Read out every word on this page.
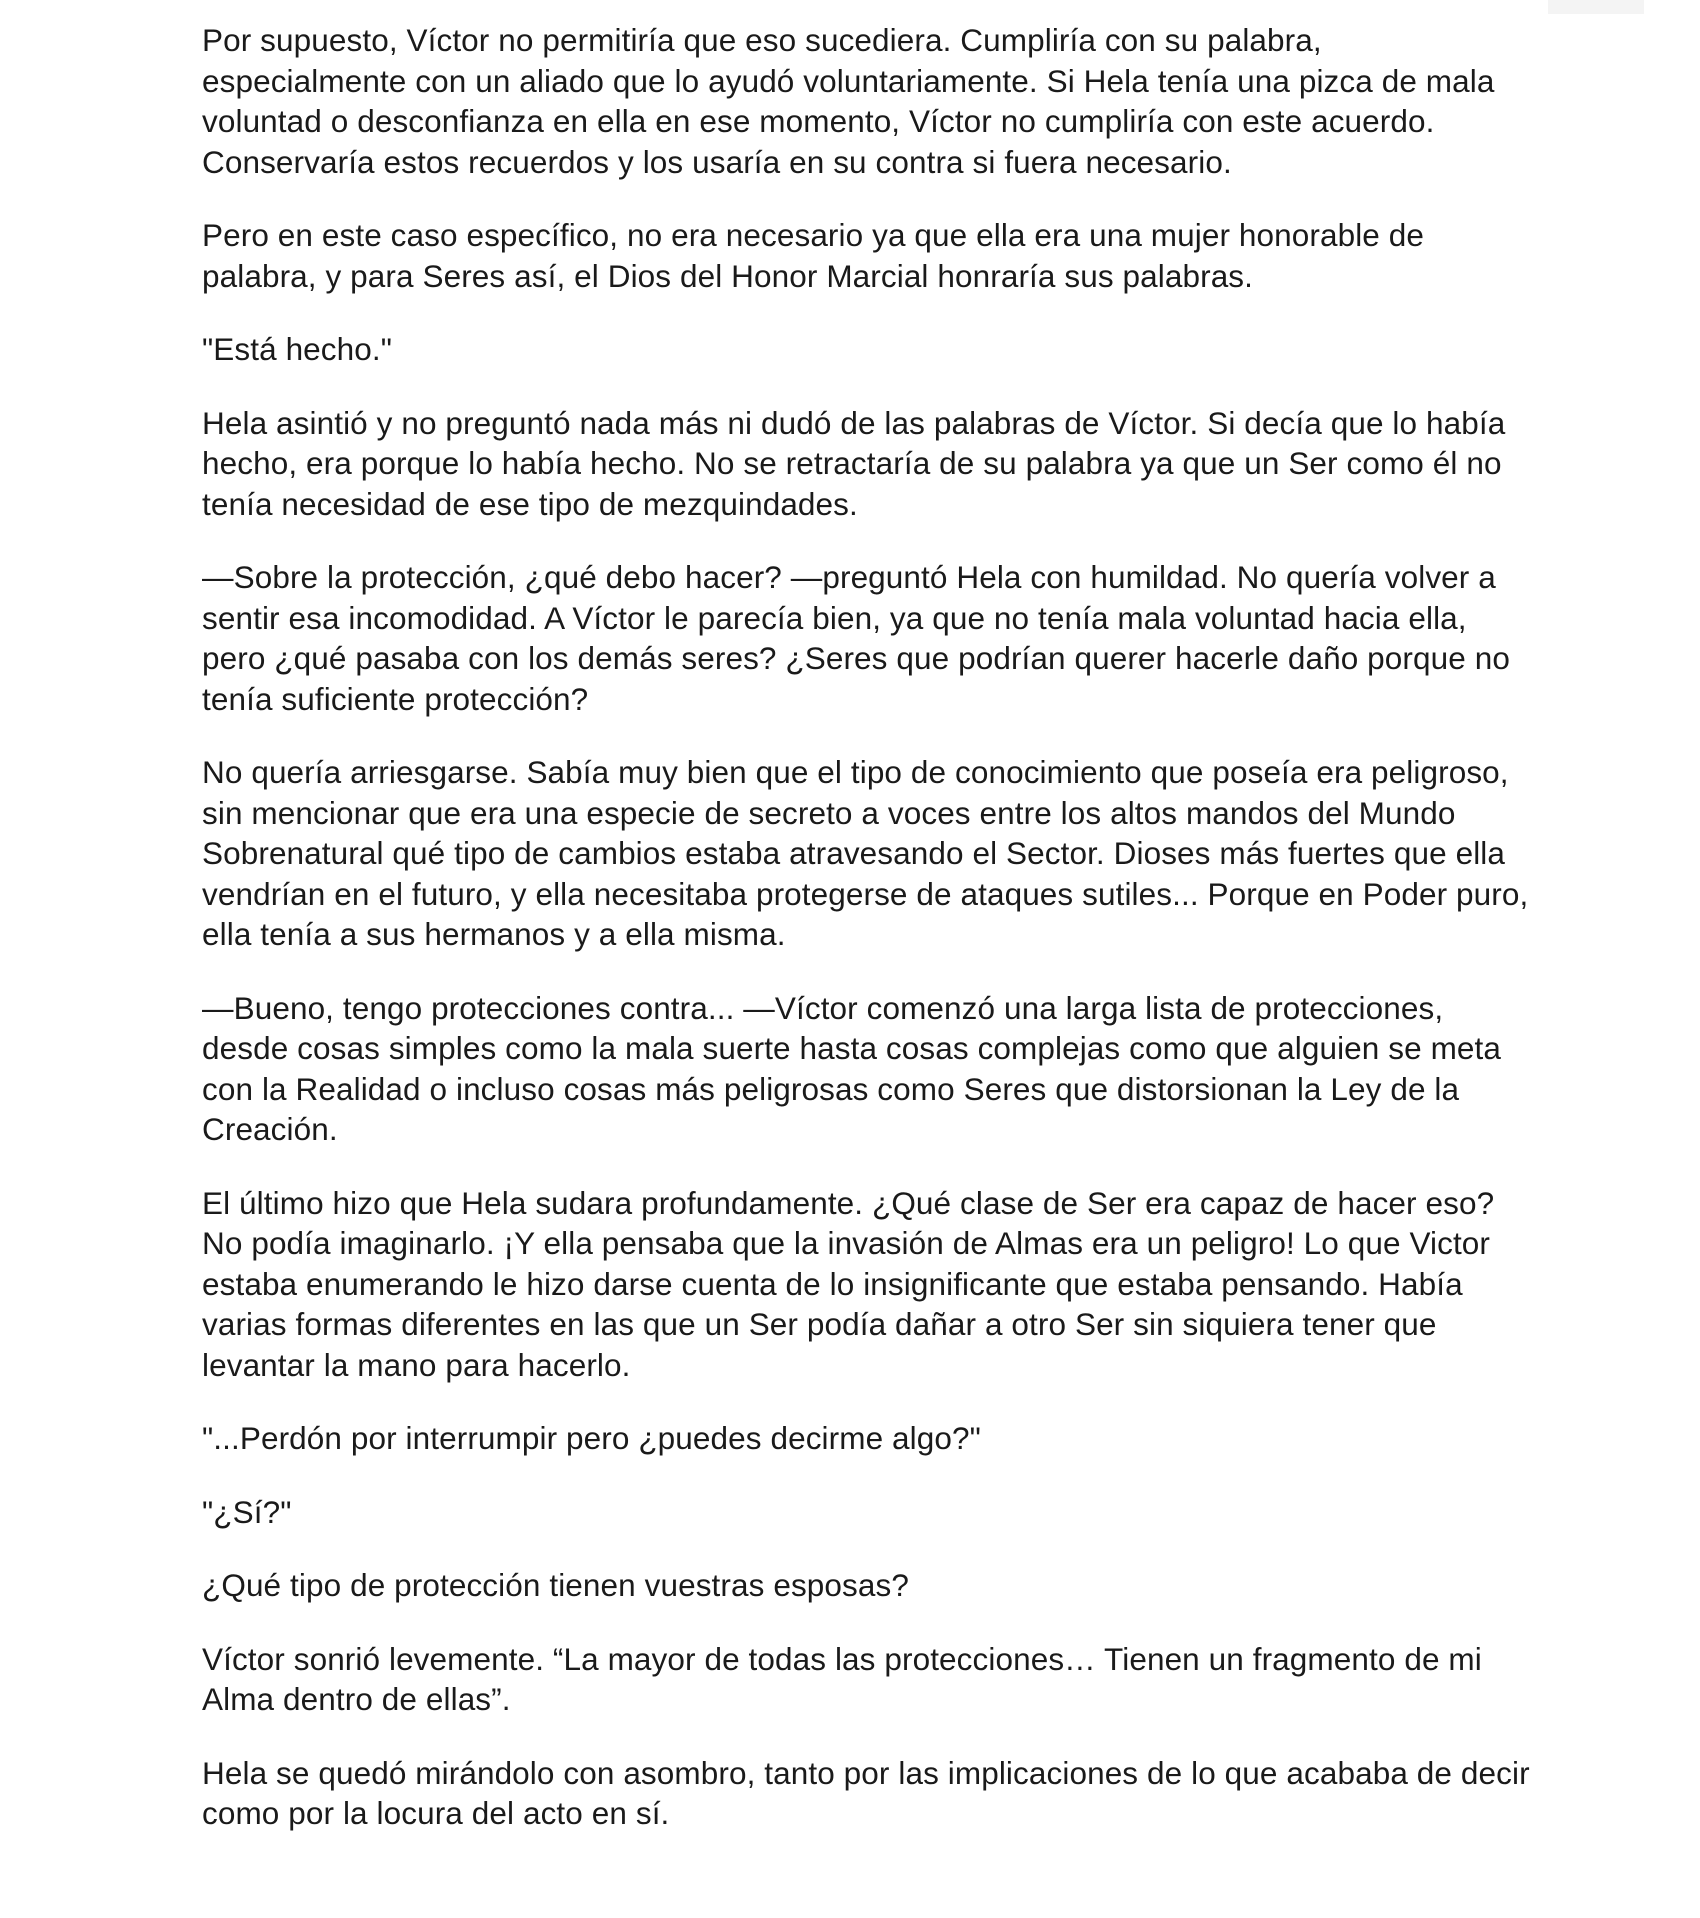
Por supuesto, Víctor no permitiría que eso sucediera. Cumpliría con su palabra, especialmente con un aliado que lo ayudó voluntariamente. Si Hela tenía una pizca de mala voluntad o desconfianza en ella en ese momento, Víctor no cumpliría con este acuerdo. Conservaría estos recuerdos y los usaría en su contra si fuera necesario.

Pero en este caso específico, no era necesario ya que ella era una mujer honorable de palabra, y para Seres así, el Dios del Honor Marcial honraría sus palabras.

"Está hecho."

Hela asintió y no preguntó nada más ni dudó de las palabras de Víctor. Si decía que lo había hecho, era porque lo había hecho. No se retractaría de su palabra ya que un Ser como él no tenía necesidad de ese tipo de mezquindades.

—Sobre la protección, ¿qué debo hacer? —preguntó Hela con humildad. No quería volver a sentir esa incomodidad. A Víctor le parecía bien, ya que no tenía mala voluntad hacia ella, pero ¿qué pasaba con los demás seres? ¿Seres que podrían querer hacerle daño porque no tenía suficiente protección?

No quería arriesgarse. Sabía muy bien que el tipo de conocimiento que poseía era peligroso, sin mencionar que era una especie de secreto a voces entre los altos mandos del Mundo Sobrenatural qué tipo de cambios estaba atravesando el Sector. Dioses más fuertes que ella vendrían en el futuro, y ella necesitaba protegerse de ataques sutiles... Porque en Poder puro, ella tenía a sus hermanos y a ella misma.

—Bueno, tengo protecciones contra... —Víctor comenzó una larga lista de protecciones, desde cosas simples como la mala suerte hasta cosas complejas como que alguien se meta con la Realidad o incluso cosas más peligrosas como Seres que distorsionan la Ley de la Creación.

El último hizo que Hela sudara profundamente. ¿Qué clase de Ser era capaz de hacer eso? No podía imaginarlo. ¡Y ella pensaba que la invasión de Almas era un peligro! Lo que Victor estaba enumerando le hizo darse cuenta de lo insignificante que estaba pensando. Había varias formas diferentes en las que un Ser podía dañar a otro Ser sin siquiera tener que levantar la mano para hacerlo.

"...Perdón por interrumpir pero ¿puedes decirme algo?"

"¿Sí?"

¿Qué tipo de protección tienen vuestras esposas?

Víctor sonrió levemente. “La mayor de todas las protecciones… Tienen un fragmento de mi Alma dentro de ellas”.

Hela se quedó mirándolo con asombro, tanto por las implicaciones de lo que acababa de decir como por la locura del acto en sí.
